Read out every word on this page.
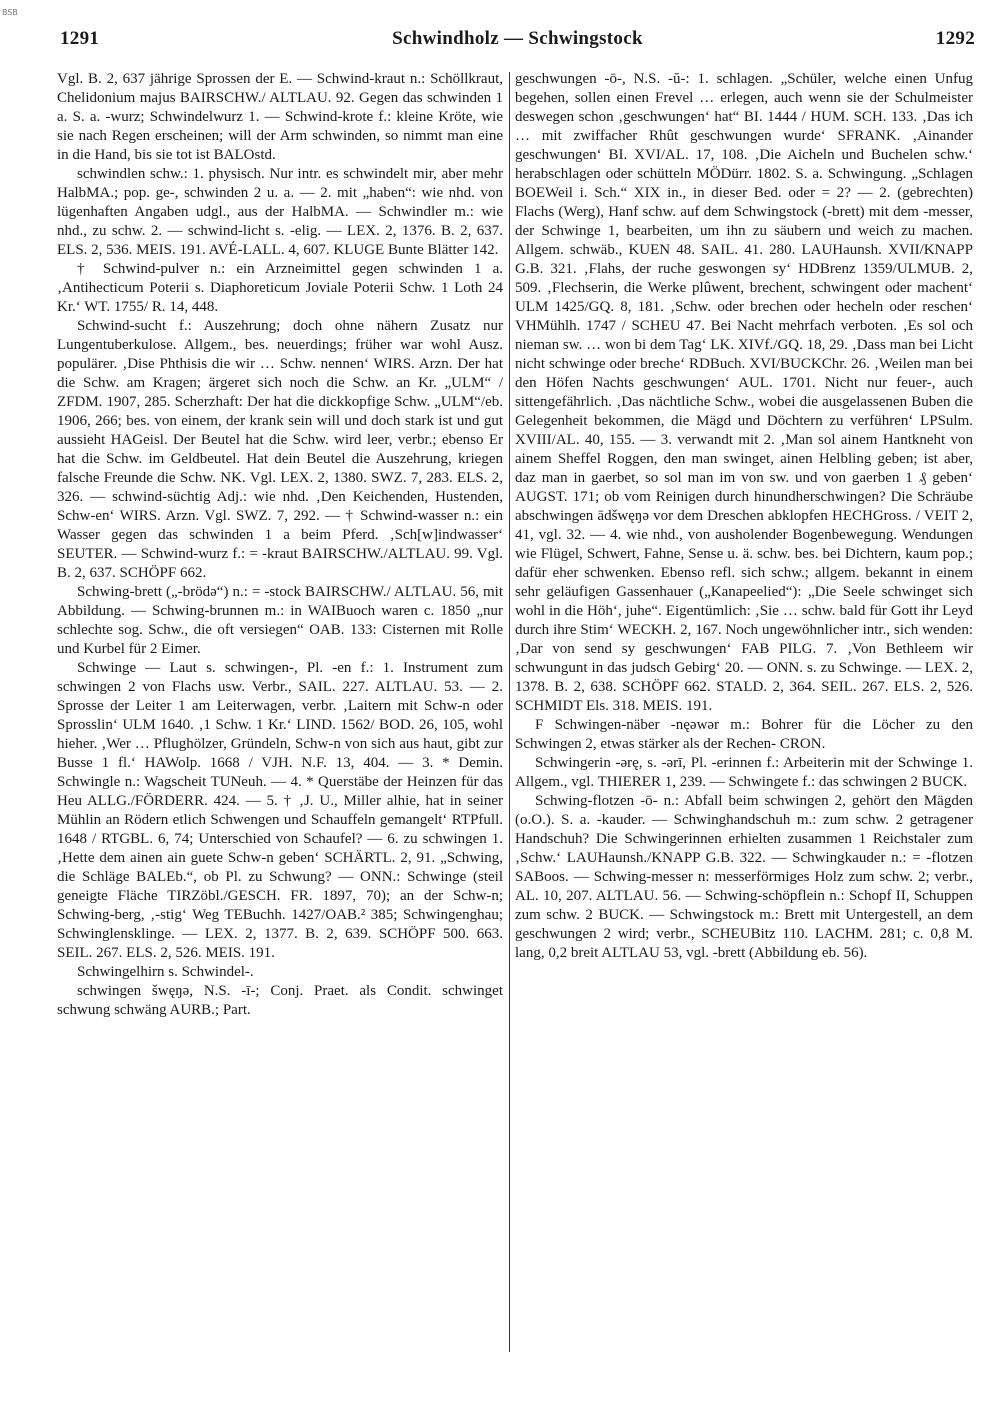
BSB
1291	Schwindholz — Schwingstock	1292

Vgl. B. 2, 637 jährige Sprossen der E. — Schwind-kraut n.: Schöllkraut, Chelidonium majus BAIRSCHW./ ALTLAU. 92. Gegen das schwinden 1 a. S. a. -wurz; Schwindelwurz 1. — Schwind-krote f.: kleine Kröte, wie sie nach Regen erscheinen; will der Arm schwinden, so nimmt man eine in die Hand, bis sie tot ist BALOstd.

schwindlen schw.: 1. physisch. Nur intr. es schwindelt mir, aber mehr HalbMA.; pop. ge-, schwinden 2 u. a. — 2. mit „haben“: wie nhd. von lügenhaften Angaben udgl., aus der HalbMA. — Schwindler m.: wie nhd., zu schw. 2. — schwind-licht s. -elig. — LEX. 2, 1376. B. 2, 637. ELS. 2, 536. MEIS. 191. AVÉ-LALL. 4, 607. KLUGE Bunte Blätter 142.

† Schwind-pulver n.: ein Arzneimittel gegen schwinden 1 a. ‚Antihecticum Poterii s. Diaphoreticum Joviale Poterii Schw. 1 Loth 24 Kr.‘ WT. 1755/ R. 14, 448.

Schwind-sucht f.: Auszehrung; doch ohne nähern Zusatz nur Lungentuberkulose. Allgem., bes. neuerdings; früher war wohl Ausz. populärer. ‚Dise Phthisis die wir … Schw. nennen‘ WIRS. Arzn. Der hat die Schw. am Kragen; ärgeret sich noch die Schw. an Kr. „ULM“ / ZFDM. 1907, 285. Scherzhaft: Der hat die dickkopfige Schw. „ULM“/eb. 1906, 266; bes. von einem, der krank sein will und doch stark ist und gut aussieht HAGeisl. Der Beutel hat die Schw. wird leer, verbr.; ebenso Er hat die Schw. im Geldbeutel. Hat dein Beutel die Auszehrung, kriegen falsche Freunde die Schw. NK. Vgl. LEX. 2, 1380. SWZ. 7, 283. ELS. 2, 326. — schwind-süchtig Adj.: wie nhd. ‚Den Keichenden, Hustenden, Schw-en‘ WIRS. Arzn. Vgl. SWZ. 7, 292. — † Schwind-wasser n.: ein Wasser gegen das schwinden 1 a beim Pferd. ‚Sch[w]indwasser‘ SEUTER. — Schwind-wurz f.: = -kraut BAIRSCHW./ALTLAU. 99. Vgl. B. 2, 637. SCHÖPF 662.

Schwing-brett („-brödǝ“) n.: = -stock BAIRSCHW./ ALTLAU. 56, mit Abbildung. — Schwing-brunnen m.: in WAIBuoch waren c. 1850 „nur schlechte sog. Schw., die oft versiegen“ OAB. 133: Cisternen mit Rolle und Kurbel für 2 Eimer.

Schwinge — Laut s. schwingen-, Pl. -en f.: 1. Instrument zum schwingen 2 von Flachs usw. Verbr., SAIL. 227. ALTLAU. 53. — 2. Sprosse der Leiter 1 am Leiterwagen, verbr. ‚Laitern mit Schw-n oder Sprosslin‘ ULM 1640. ‚1 Schw. 1 Kr.‘ LIND. 1562/ BOD. 26, 105, wohl hieher. ‚Wer … Pflughölzer, Gründeln, Schw-n von sich aus haut, gibt zur Busse 1 fl.‘ HAWolp. 1668 / VJH. N.F. 13, 404. — 3. * Demin. Schwingle n.: Wagscheit TUNeuh. — 4. * Querstäbe der Heinzen für das Heu ALLG./FÖRDERR. 424. — 5. † ‚J. U., Miller alhie, hat in seiner Mühlin an Rödern etlich Schwengen und Schauffeln gemangelt‘ RTPfull. 1648 / RTGBL. 6, 74; Unterschied von Schaufel? — 6. zu schwingen 1. ‚Hette dem ainen ain guete Schw-n geben‘ SCHÄRTL. 2, 91. „Schwing, die Schläge BALEb.“, ob Pl. zu Schwung? — ONN.: Schwinge (steil geneigte Fläche TIRZöbl./GESCH. FR. 1897, 70); an der Schw-n; Schwing-berg, ‚-stig‘ Weg TEBuchh. 1427/OAB.² 385; Schwingenghau; Schwinglensklinge. — LEX. 2, 1377. B. 2, 639. SCHÖPF 500. 663. SEIL. 267. ELS. 2, 526. MEIS. 191.

Schwingelhirn s. Schwindel-.

schwingen šwęŋǝ, N.S. -ī-; Conj. Praet. als Condit. schwinget schwung schwäng AURB.; Part.

geschwungen -ō-, N.S. -ŭ-: 1. schlagen. „Schüler, welche einen Unfug begehen, sollen einen Frevel … erlegen, auch wenn sie der Schulmeister deswegen schon ‚geschwungen‘ hat“ BI. 1444 / HUM. SCH. 133. ‚Das ich … mit zwiffacher Rhût geschwungen wurde‘ SFRANK. ‚Ainander geschwungen‘ BI. XVI/AL. 17, 108. ‚Die Aicheln und Buchelen schw.‘ herabschlagen oder schütteln MÖDürr. 1802. S. a. Schwingung. „Schlagen BOEWeil i. Sch.“ XIX in., in dieser Bed. oder = 2? — 2. (gebrechten) Flachs (Werg), Hanf schw. auf dem Schwingstock (-brett) mit dem -messer, der Schwinge 1, bearbeiten, um ihn zu säubern und weich zu machen. Allgem. schwäb., KUEN 48. SAIL. 41. 280. LAUHaunsh. XVII/KNAPP G.B. 321. ‚Flahs, der ruche geswongen sy‘ HDBrenz 1359/ULMUB. 2, 509. ‚Flechserin, die Werke plûwent, brechent, schwingent oder machent‘ ULM 1425/GQ. 8, 181. ‚Schw. oder brechen oder hecheln oder reschen‘ VHMühlh. 1747 / SCHEU 47. Bei Nacht mehrfach verboten. ‚Es sol och nieman sw. … won bi dem Tag‘ LK. XIVf./GQ. 18, 29. ‚Dass man bei Licht nicht schwinge oder breche‘ RDBuch. XVI/BUCKChr. 26. ‚Weilen man bei den Höfen Nachts geschwungen‘ AUL. 1701. Nicht nur feuer-, auch sittengefährlich. ‚Das nächtliche Schw., wobei die ausgelassenen Buben die Gelegenheit bekommen, die Mägd und Döchtern zu verführen‘ LPSulm. XVIII/AL. 40, 155. — 3. verwandt mit 2. ‚Man sol ainem Hantkneht von ainem Sheffel Roggen, den man swinget, ainen Helbling geben; ist aber, daz man in gaerbet, so sol man im von sw. und von gaerben 1 ₰ geben‘ AUGST. 171; ob vom Reinigen durch hinundherschwingen? Die Schräube abschwingen ādšwęŋǝ vor dem Dreschen abklopfen HECHGross. / VEIT 2, 41, vgl. 32. — 4. wie nhd., von ausholender Bogenbewegung. Wendungen wie Flügel, Schwert, Fahne, Sense u. ä. schw. bes. bei Dichtern, kaum pop.; dafür eher schwenken. Ebenso refl. sich schw.; allgem. bekannt in einem sehr geläufigen Gassenhauer („Kanapeelied“): „Die Seele schwinget sich wohl in die Höh‘, juhe“. Eigentümlich: ‚Sie … schw. bald für Gott ihr Leyd durch ihre Stim‘ WECKH. 2, 167. Noch ungewöhnlicher intr., sich wenden: ‚Dar von send sy geschwungen‘ FAB PILG. 7. ‚Von Bethleem wir schwungunt in das judsch Gebirg‘ 20. — ONN. s. zu Schwinge. — LEX. 2, 1378. B. 2, 638. SCHÖPF 662. STALD. 2, 364. SEIL. 267. ELS. 2, 526. SCHMIDT Els. 318. MEIS. 191.

F Schwingen-näber -nęǝwǝr m.: Bohrer für die Löcher zu den Schwingen 2, etwas stärker als der Rechen- CRON.

Schwingerin -ǝrę, s. -ǝrī, Pl. -erinnen f.: Arbeiterin mit der Schwinge 1. Allgem., vgl. THIERER 1, 239. — Schwingete f.: das schwingen 2 BUCK.

Schwing-flotzen -ō- n.: Abfall beim schwingen 2, gehört den Mägden (o.O.). S. a. -kauder. — Schwinghandschuh m.: zum schw. 2 getragener Handschuh? Die Schwingerinnen erhielten zusammen 1 Reichstaler zum ‚Schw.‘ LAUHaunsh./KNAPP G.B. 322. — Schwingkauder n.: = -flotzen SABoos. — Schwing-messer n: messerförmiges Holz zum schw. 2; verbr., AL. 10, 207. ALTLAU. 56. — Schwing-schöpflein n.: Schopf II, Schuppen zum schw. 2 BUCK. — Schwingstock m.: Brett mit Untergestell, an dem geschwungen 2 wird; verbr., SCHEUBitz 110. LACHM. 281; c. 0,8 M. lang, 0,2 breit ALTLAU 53, vgl. -brett (Abbildung eb. 56).
